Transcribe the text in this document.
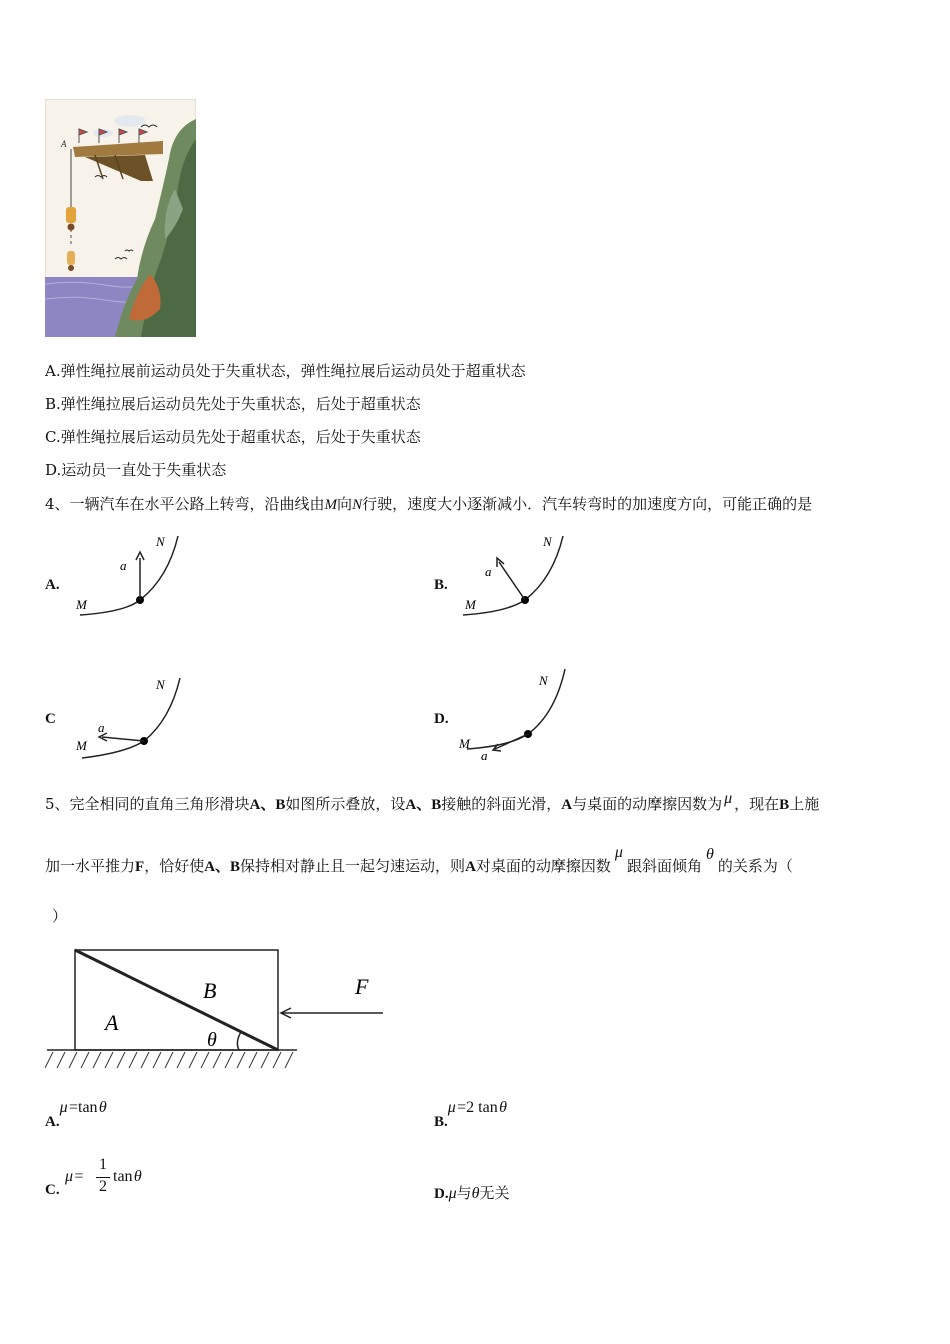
A
A.弹性绳拉展前运动员处于失重状态，弹性绳拉展后运动员处于超重状态
B.弹性绳拉展后运动员先处于失重状态，后处于超重状态
C.弹性绳拉展后运动员先处于超重状态，后处于失重状态
D.运动员一直处于失重状态
4、一辆汽车在水平公路上转弯，沿曲线由M向N行驶，速度大小逐渐减小．汽车转弯时的加速度方向，可能正确的是
A.
a
M
N
B.
a
M
N
C
a
M
N
D.
a
M
N
5、完全相同的直角三角形滑块A、B如图所示叠放，设A、B接触的斜面光滑，A与桌面的动摩擦因数为 μ ，现在B上施
加一水平推力F，恰好使A、B保持相对静止且一起匀速运动，则A对桌面的动摩擦因数μ跟斜面倾角θ的关系为（
）
A
B	F
θ
A.μ =tan θ
B.μ =2 tan θ
C.
μ =
1
2
tan θ
D.μ与θ无关
